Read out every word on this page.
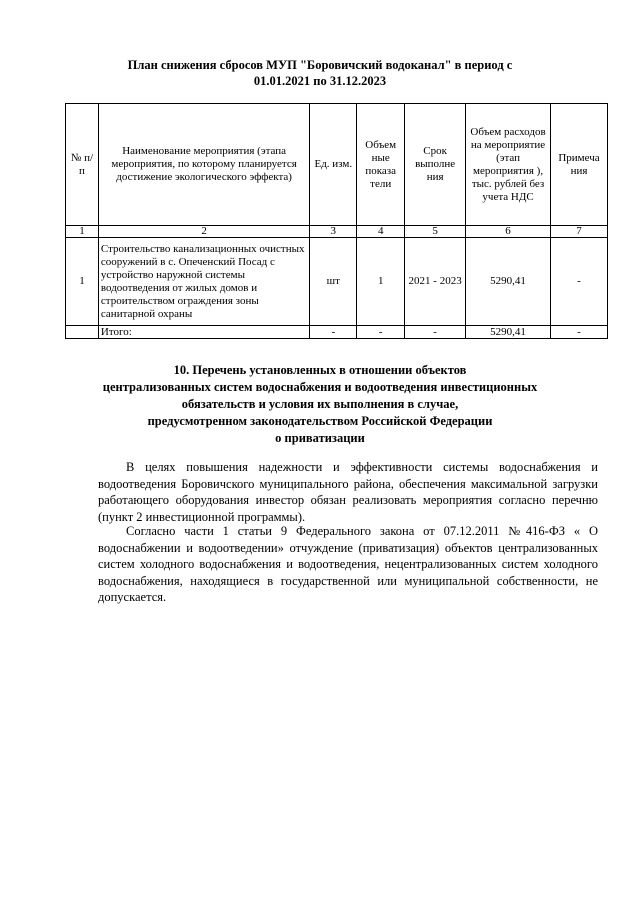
План снижения сбросов МУП "Боровичский водоканал" в период с
01.01.2021 по 31.12.2023
№ п/п	Наименование мероприятия (этапа мероприятия, по которому планируется достижение экологического эффекта)	Ед. изм.	Объем ные показа тели	Срок выполне ния	Объем расходов на мероприятие (этап мероприятия ), тыс. рублей без учета НДС	Примеча ния
1	2	3	4	5	6	7
1	Строительство канализационных очистных сооружений в с. Опеченский Посад с устройство наружной системы водоотведения от жилых домов и строительством ограждения зоны санитарной охраны	шт	1	2021 - 2023	5290,41	-
	Итого:	-	-	-	5290,41	-
10. Перечень установленных в отношении объектов
централизованных систем водоснабжения и водоотведения инвестиционных
обязательств и условия их выполнения в случае,
предусмотренном законодательством Российской Федерации
о приватизации
В целях повышения надежности и эффективности системы водоснабжения и водоотведения Боровичского муниципального района, обеспечения максимальной загрузки работающего оборудования инвестор обязан реализовать мероприятия согласно перечню (пункт 2 инвестиционной программы).
Согласно части 1 статьи 9 Федерального закона от 07.12.2011 №416-ФЗ « О водоснабжении и водоотведении» отчуждение (приватизация) объектов централизованных систем холодного водоснабжения и водоотведения, нецентрализованных систем холодного водоснабжения, находящиеся в государственной или муниципальной собственности, не допускается.
